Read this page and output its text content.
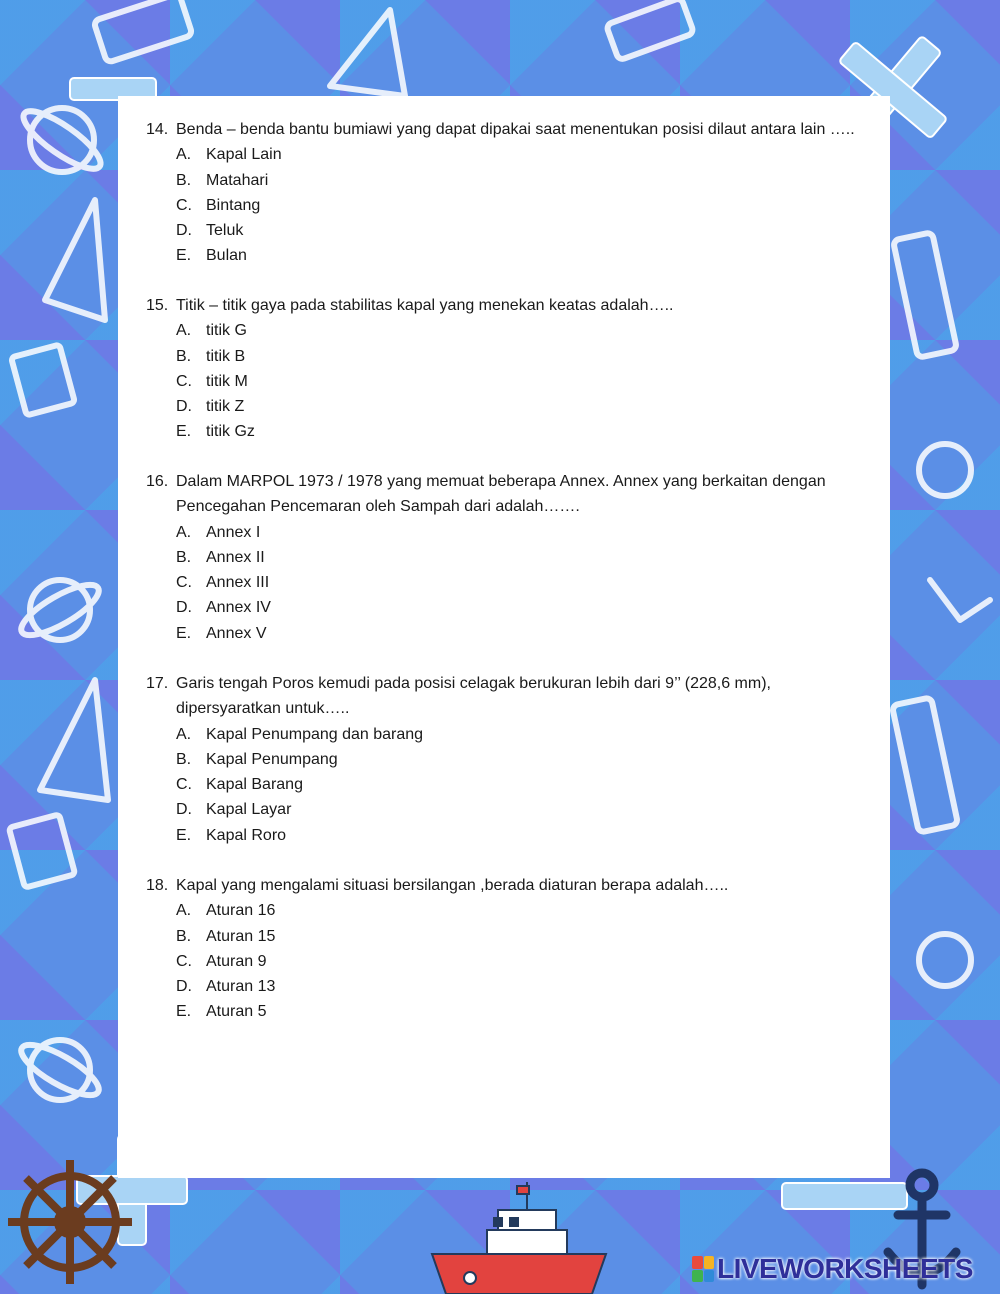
14. Benda – benda bantu bumiawi yang dapat dipakai saat menentukan posisi dilaut antara lain …..
A. Kapal Lain
B. Matahari
C. Bintang
D. Teluk
E. Bulan
15. Titik – titik gaya pada stabilitas kapal yang menekan keatas adalah…..
A. titik G
B. titik B
C. titik M
D. titik Z
E. titik Gz
16. Dalam MARPOL 1973 / 1978 yang memuat beberapa Annex. Annex yang berkaitan dengan Pencegahan Pencemaran oleh Sampah dari adalah…….
A. Annex I
B. Annex II
C. Annex III
D. Annex IV
E. Annex V
17. Garis tengah Poros kemudi pada posisi celagak berukuran lebih dari 9’’ (228,6 mm), dipersyaratkan untuk…..
A. Kapal Penumpang dan barang
B. Kapal Penumpang
C. Kapal Barang
D. Kapal Layar
E. Kapal Roro
18. Kapal yang mengalami situasi bersilangan ,berada diaturan berapa adalah…..
A. Aturan 16
B. Aturan 15
C. Aturan 9
D. Aturan 13
E. Aturan 5
LIVEWORKSHEETS
